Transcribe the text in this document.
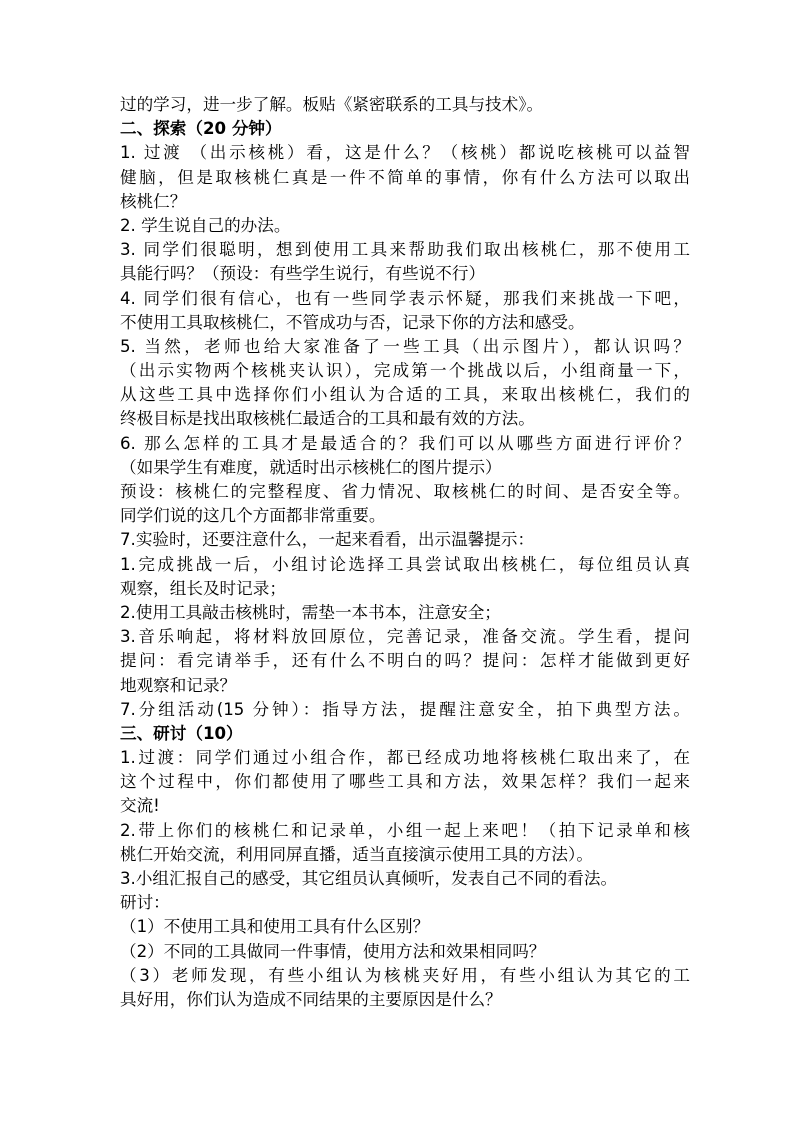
过的学习，进一步了解。板贴《紧密联系的工具与技术》。
二、探索（20 分钟）
1. 过渡 （出示核桃）看，这是什么？（核桃）都说吃核桃可以益智
健脑，但是取核桃仁真是一件不简单的事情，你有什么方法可以取出
核桃仁？
2. 学生说自己的办法。
3. 同学们很聪明，想到使用工具来帮助我们取出核桃仁，那不使用工
具能行吗？（预设：有些学生说行，有些说不行）
4. 同学们很有信心，也有一些同学表示怀疑，那我们来挑战一下吧，
不使用工具取核桃仁，不管成功与否，记录下你的方法和感受。
5. 当然，老师也给大家准备了一些工具（出示图片），都认识吗？
（出示实物两个核桃夹认识），完成第一个挑战以后，小组商量一下，
从这些工具中选择你们小组认为合适的工具，来取出核桃仁，我们的
终极目标是找出取核桃仁最适合的工具和最有效的方法。
6. 那么怎样的工具才是最适合的？我们可以从哪些方面进行评价？
（如果学生有难度，就适时出示核桃仁的图片提示）
预设：核桃仁的完整程度、省力情况、取核桃仁的时间、是否安全等。
同学们说的这几个方面都非常重要。
7.实验时，还要注意什么，一起来看看，出示温馨提示：
1.完成挑战一后，小组讨论选择工具尝试取出核桃仁，每位组员认真
观察，组长及时记录；
2.使用工具敲击核桃时，需垫一本书本，注意安全；
3.音乐响起，将材料放回原位，完善记录，准备交流。学生看，提问
提问：看完请举手，还有什么不明白的吗？提问：怎样才能做到更好
地观察和记录？
7.分组活动(15 分钟）：指导方法，提醒注意安全，拍下典型方法。
三、研讨（10）
1.过渡：同学们通过小组合作，都已经成功地将核桃仁取出来了，在
这个过程中，你们都使用了哪些工具和方法，效果怎样？我们一起来
交流!
2.带上你们的核桃仁和记录单，小组一起上来吧！（拍下记录单和核
桃仁开始交流，利用同屏直播，适当直接演示使用工具的方法）。
3.小组汇报自己的感受，其它组员认真倾听，发表自己不同的看法。
研讨：
（1）不使用工具和使用工具有什么区别？
（2）不同的工具做同一件事情，使用方法和效果相同吗？
（3）老师发现，有些小组认为核桃夹好用，有些小组认为其它的工
具好用，你们认为造成不同结果的主要原因是什么？
